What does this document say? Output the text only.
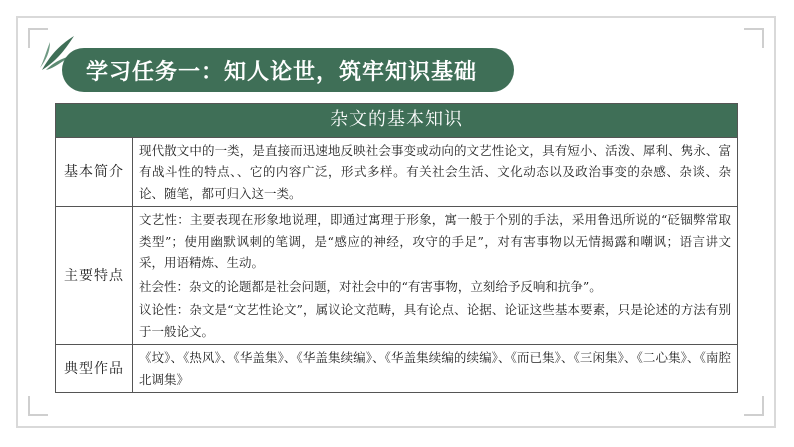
学习任务一：知人论世，筑牢知识基础
杂文的基本知识	
基本简介	现代散文中的一类，是直接而迅速地反映社会事变或动向的文艺性论文，具有短小、活泼、犀利、隽永、富有战斗性的特点、、它的内容广泛，形式多样。有关社会生活、文化动态以及政治事变的杂感、杂谈、杂论、随笔，都可归入这一类。

主要特点	文艺性：主要表现在形象地说理，即通过寓理于形象，寓一般于个别的手法，采用鲁迅所说的“砭锢弊常取类型”；使用幽默讽刺的笔调，是“感应的神经，攻守的手足”，对有害事物以无情揭露和嘲讽；语言讲文采，用语精炼、生动。

社会性：杂文的论题都是社会问题，对社会中的“有害事物，立刻给予反响和抗争”。

议论性：杂文是“文艺性论文”，属议论文范畴，具有论点、论据、论证这些基本要素，只是论述的方法有别于一般论文。

典型作品	《坟》、《热风》、《华盖集》、《华盖集续编》、《华盖集续编的续编》、《而已集》、《三闲集》、《二心集》、《南腔北调集》
